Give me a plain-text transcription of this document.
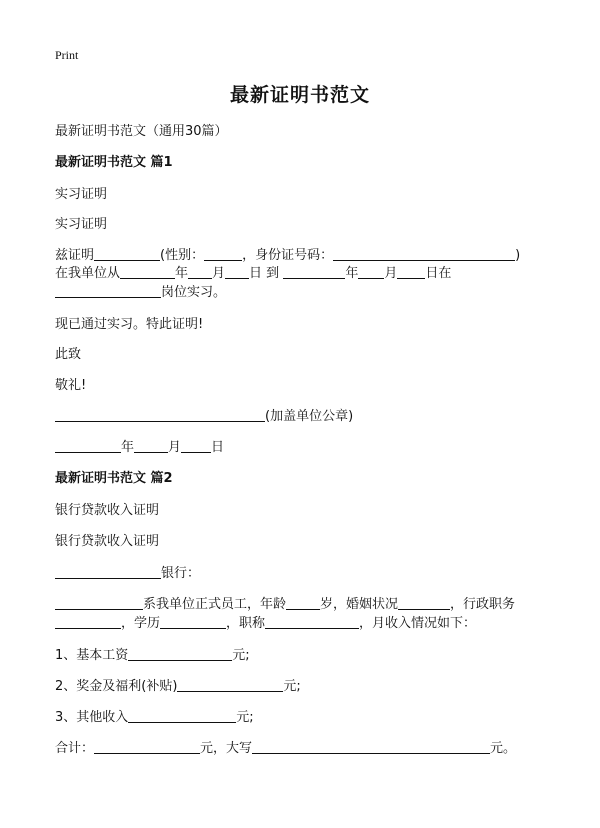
Print
最新证明书范文
最新证明书范文（通用30篇）
最新证明书范文 篇1
实习证明
实习证明
兹证明	(性别：	，身份证号码：	)
在我单位从	年 月 日 到	年 月 日在
岗位实习。
现已通过实习。特此证明!
此致
敬礼!
(加盖单位公章)
年	月 日
最新证明书范文 篇2
银行贷款收入证明
银行贷款收入证明
银行：
系我单位正式员工，年龄	岁，婚姻状况	，行政职务
，学历	，职称	，月收入情况如下：
1、基本工资	元;
2、奖金及福利(补贴)	元;
3、其他收入	元;
合计：	元，大写	元。
